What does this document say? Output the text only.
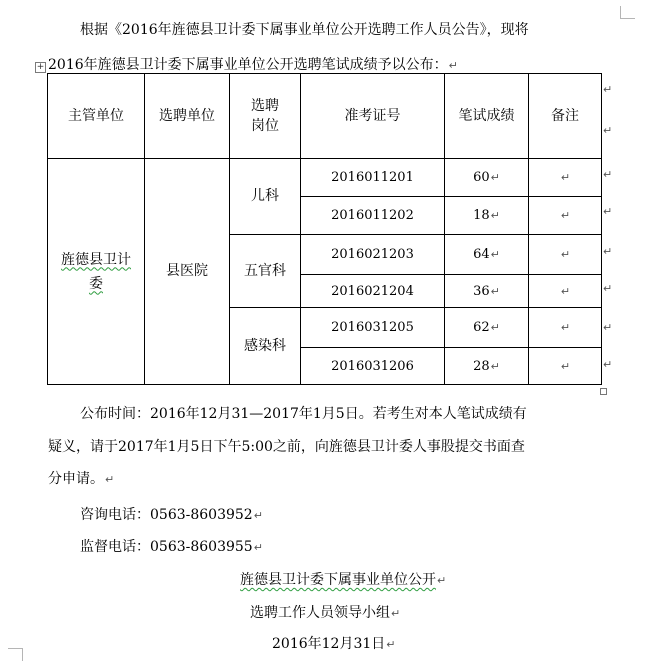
根据《2016年旌德县卫计委下属事业单位公开选聘工作人员公告》，现将
2016年旌德县卫计委下属事业单位公开选聘笔试成绩予以公布：↵
+
主管单位	选聘单位	选聘岗位	准考证号	笔试成绩	备注

旌德县卫计委	县医院	儿科	2016011201	60↵	↵
			2016011202	18↵	↵
		五官科	2016021203	64↵	↵
			2016021204	36↵	↵
		感染科	2016031205	62↵	↵
			2016031206	28↵	↵
↵
↵
↵
↵
↵
↵
↵
↵
公布时间：2016年12月31—2017年1月5日。若考生对本人笔试成绩有
疑义，请于2017年1月5日下午5:00之前，向旌德县卫计委人事股提交书面查
分申请。↵
咨询电话：0563-8603952↵
监督电话：0563-8603955↵
旌德县卫计委下属事业单位公开↵
选聘工作人员领导小组↵
2016年12月31日↵
